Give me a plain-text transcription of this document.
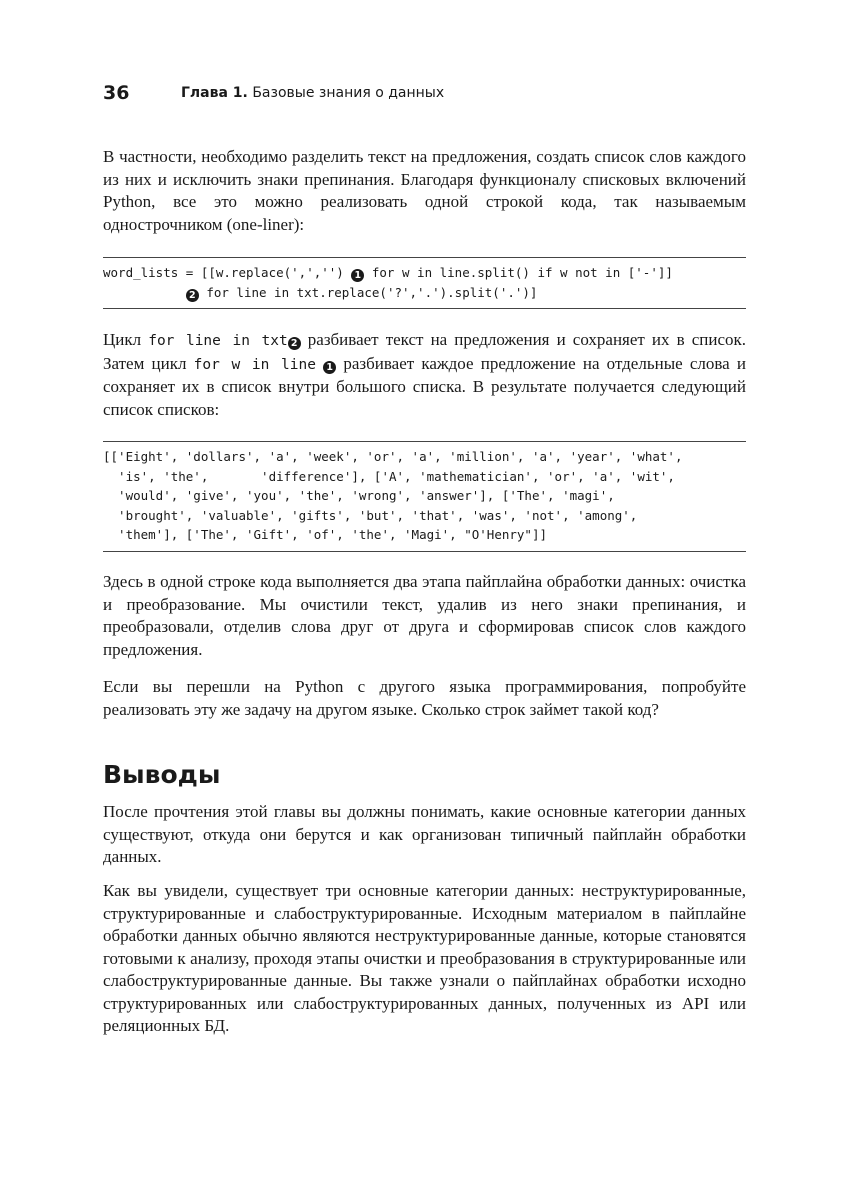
36	Глава 1. Базовые знания о данных

В частности, необходимо разделить текст на предложения, создать список слов каждого из них и исключить знаки препинания. Благодаря функционалу списковых включений Python, все это можно реализовать одной строкой кода, так называемым однострочником (one-liner):

word_lists = [[w.replace(',','') 1 for w in line.split() if w not in ['-']]
2 for line in txt.replace('?','.').split('.')]

Цикл for line in txt 2 разбивает текст на предложения и сохраняет их в список. Затем цикл for w in line 1 разбивает каждое предложение на отдельные слова и сохраняет их в список внутри большого списка. В результате получается следующий список списков:

[['Eight', 'dollars', 'a', 'week', 'or', 'a', 'million', 'a', 'year', 'what',
'is', 'the',       'difference'], ['A', 'mathematician', 'or', 'a', 'wit',
'would', 'give', 'you', 'the', 'wrong', 'answer'], ['The', 'magi',
'brought', 'valuable', 'gifts', 'but', 'that', 'was', 'not', 'among',
'them'], ['The', 'Gift', 'of', 'the', 'Magi', "O'Henry"]]

Здесь в одной строке кода выполняется два этапа пайплайна обработки данных: очистка и преобразование. Мы очистили текст, удалив из него знаки препинания, и преобразовали, отделив слова друг от друга и сформировав список слов каждого предложения.

Если вы перешли на Python с другого языка программирования, попробуйте реализовать эту же задачу на другом языке. Сколько строк займет такой код?

Выводы

После прочтения этой главы вы должны понимать, какие основные категории данных существуют, откуда они берутся и как организован типичный пайплайн обработки данных.

Как вы увидели, существует три основные категории данных: неструктурированные, структурированные и слабоструктурированные. Исходным материалом в пайплайне обработки данных обычно являются неструктурированные данные, которые становятся готовыми к анализу, проходя этапы очистки и преобразования в структурированные или слабоструктурированные данные. Вы также узнали о пайплайнах обработки исходно структурированных или слабоструктурированных данных, полученных из API или реляционных БД.
